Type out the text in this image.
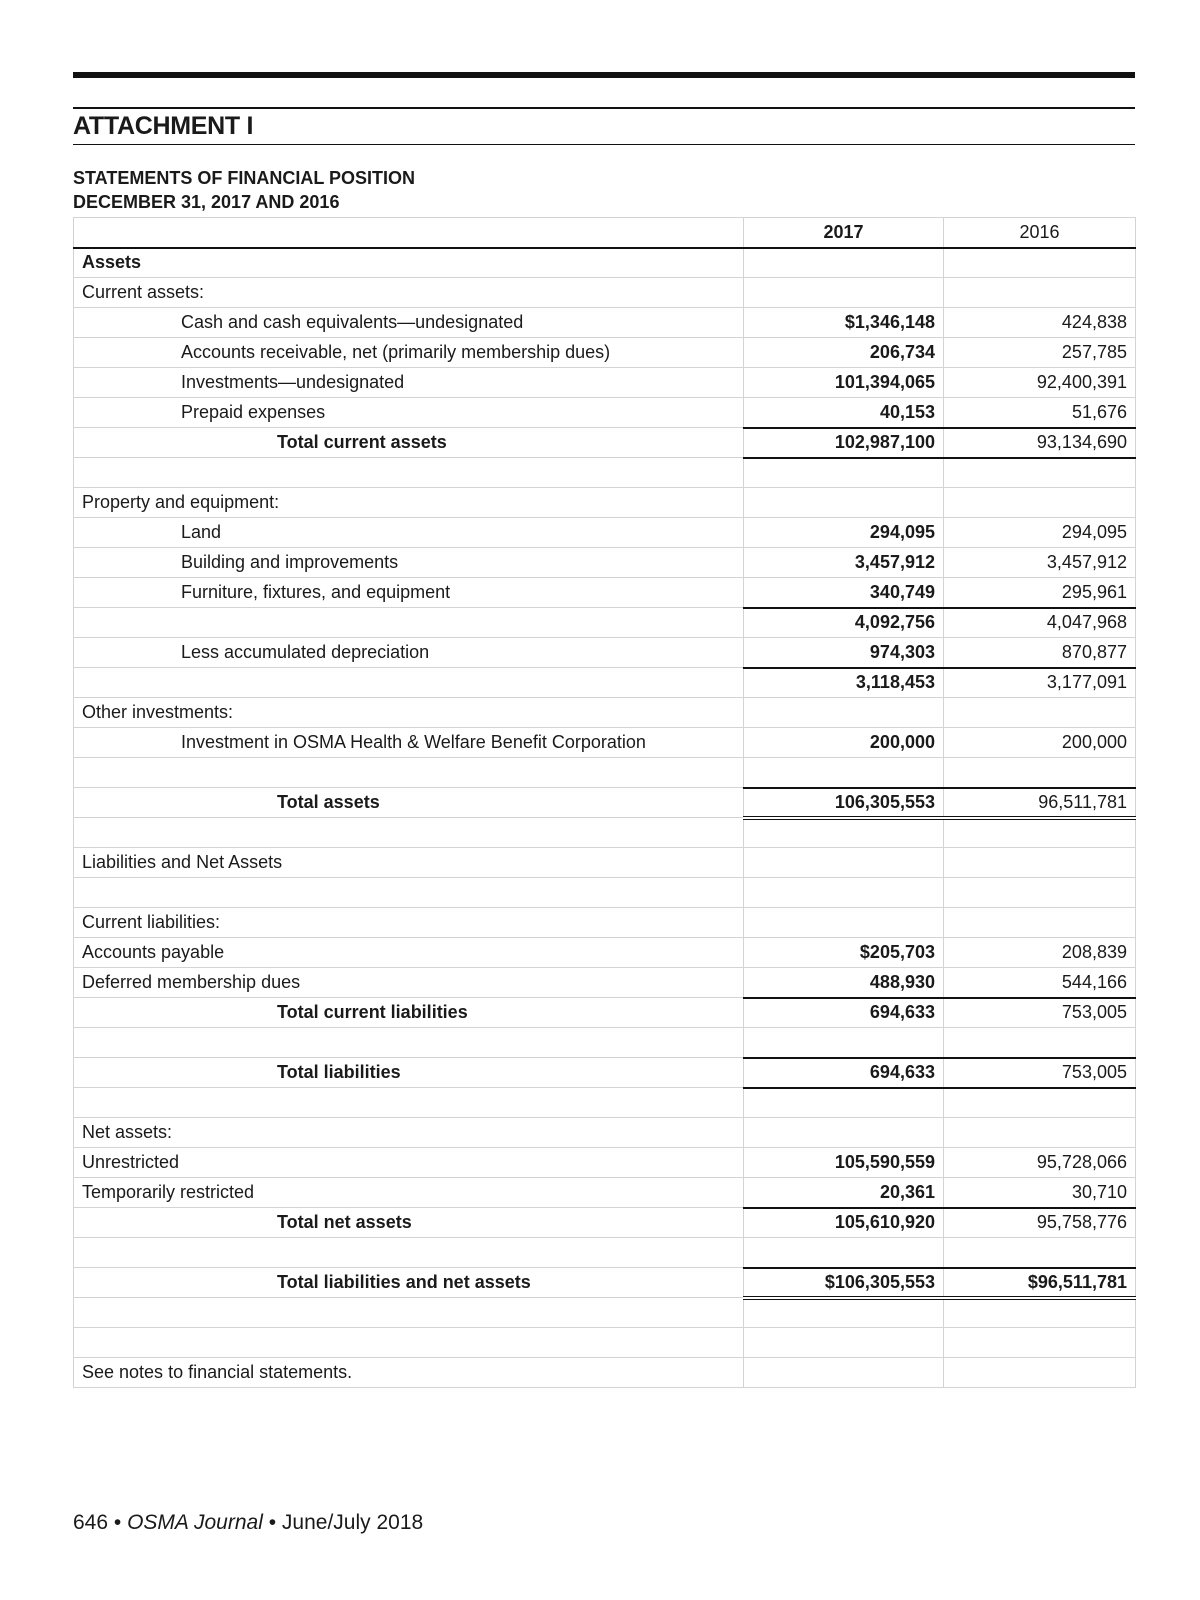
ATTACHMENT I
STATEMENTS OF FINANCIAL POSITION
DECEMBER 31, 2017 AND 2016
	2017	2016
Assets		
Current assets:		
Cash and cash equivalents—undesignated	$1,346,148	424,838
Accounts receivable, net (primarily membership dues)	206,734	257,785
Investments—undesignated	101,394,065	92,400,391
Prepaid expenses	40,153	51,676
Total current assets	102,987,100	93,134,690

Property and equipment:		
Land	294,095	294,095
Building and improvements	3,457,912	3,457,912
Furniture, fixtures, and equipment	340,749	295,961
	4,092,756	4,047,968
Less accumulated depreciation	974,303	870,877
	3,118,453	3,177,091
Other investments:		
Investment in OSMA Health & Welfare Benefit Corporation	200,000	200,000

Total assets	106,305,553	96,511,781

Liabilities and Net Assets		

Current liabilities:		
Accounts payable	$205,703	208,839
Deferred membership dues	488,930	544,166
Total current liabilities	694,633	753,005

Total liabilities	694,633	753,005

Net assets:		
Unrestricted	105,590,559	95,728,066
Temporarily restricted	20,361	30,710
Total net assets	105,610,920	95,758,776

Total liabilities and net assets	$106,305,553	$96,511,781

See notes to financial statements.		
646 • OSMA Journal • June/July 2018
